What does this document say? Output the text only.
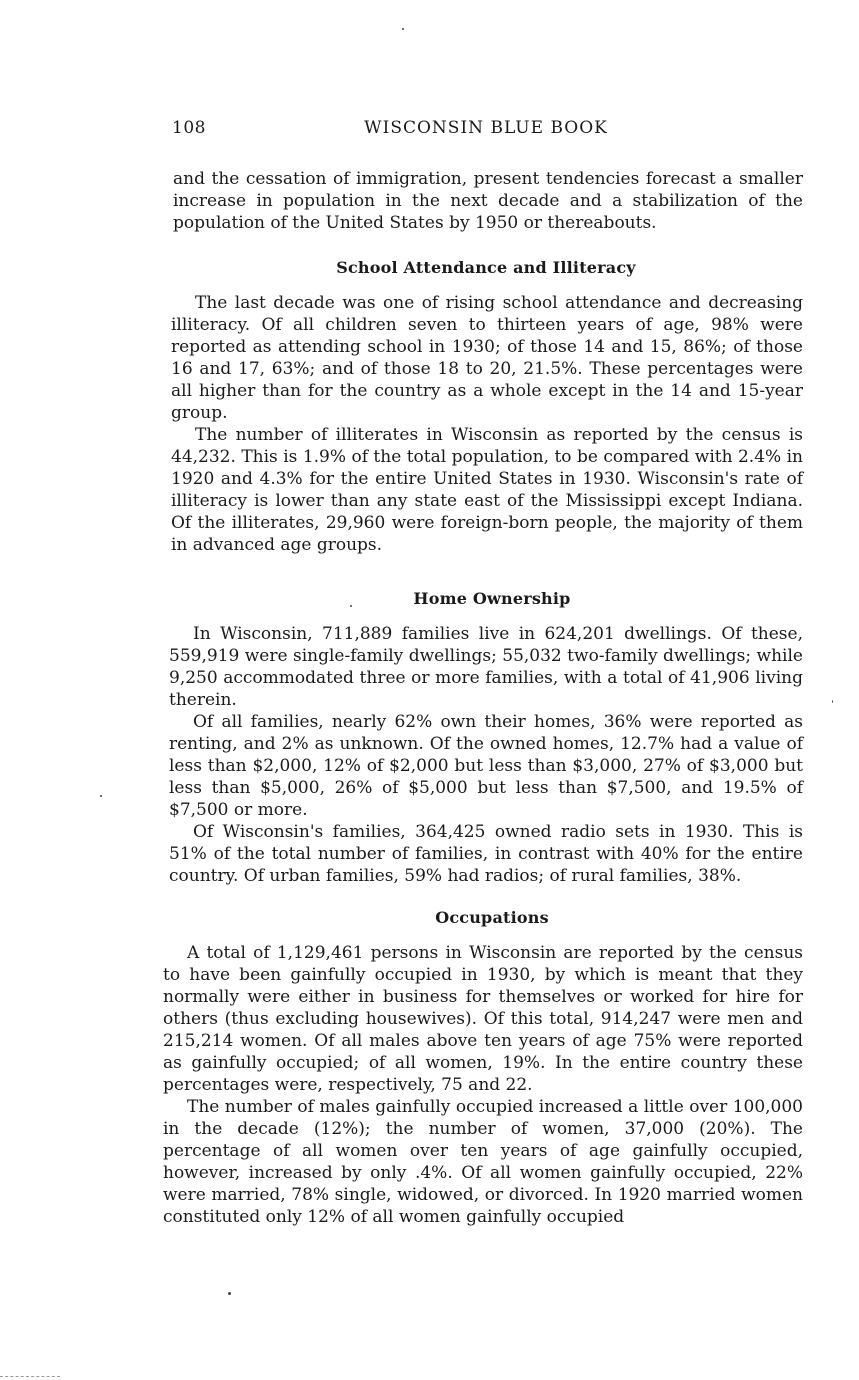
108	WISCONSIN BLUE BOOK

and the cessation of immigration, present tendencies forecast a smaller increase in population in the next decade and a stabilization of the population of the United States by 1950 or thereabouts.

School Attendance and Illiteracy

The last decade was one of rising school attendance and decreasing illiteracy. Of all children seven to thirteen years of age, 98% were reported as attending school in 1930; of those 14 and 15, 86%; of those 16 and 17, 63%; and of those 18 to 20, 21.5%. These percentages were all higher than for the country as a whole except in the 14 and 15-year group.

The number of illiterates in Wisconsin as reported by the census is 44,232. This is 1.9% of the total population, to be compared with 2.4% in 1920 and 4.3% for the entire United States in 1930. Wisconsin's rate of illiteracy is lower than any state east of the Mississippi except Indiana. Of the illiterates, 29,960 were foreign-born people, the majority of them in advanced age groups.

Home Ownership

In Wisconsin, 711,889 families live in 624,201 dwellings. Of these, 559,919 were single-family dwellings; 55,032 two-family dwellings; while 9,250 accommodated three or more families, with a total of 41,906 living therein.

Of all families, nearly 62% own their homes, 36% were reported as renting, and 2% as unknown. Of the owned homes, 12.7% had a value of less than $2,000, 12% of $2,000 but less than $3,000, 27% of $3,000 but less than $5,000, 26% of $5,000 but less than $7,500, and 19.5% of $7,500 or more.

Of Wisconsin's families, 364,425 owned radio sets in 1930. This is 51% of the total number of families, in contrast with 40% for the entire country. Of urban families, 59% had radios; of rural families, 38%.

Occupations

A total of 1,129,461 persons in Wisconsin are reported by the census to have been gainfully occupied in 1930, by which is meant that they normally were either in business for themselves or worked for hire for others (thus excluding housewives). Of this total, 914,247 were men and 215,214 women. Of all males above ten years of age 75% were reported as gainfully occupied; of all women, 19%. In the entire country these percentages were, respectively, 75 and 22.

The number of males gainfully occupied increased a little over 100,000 in the decade (12%); the number of women, 37,000 (20%). The percentage of all women over ten years of age gainfully occupied, however, increased by only .4%. Of all women gainfully occupied, 22% were married, 78% single, widowed, or divorced. In 1920 married women constituted only 12% of all women gainfully occupied
